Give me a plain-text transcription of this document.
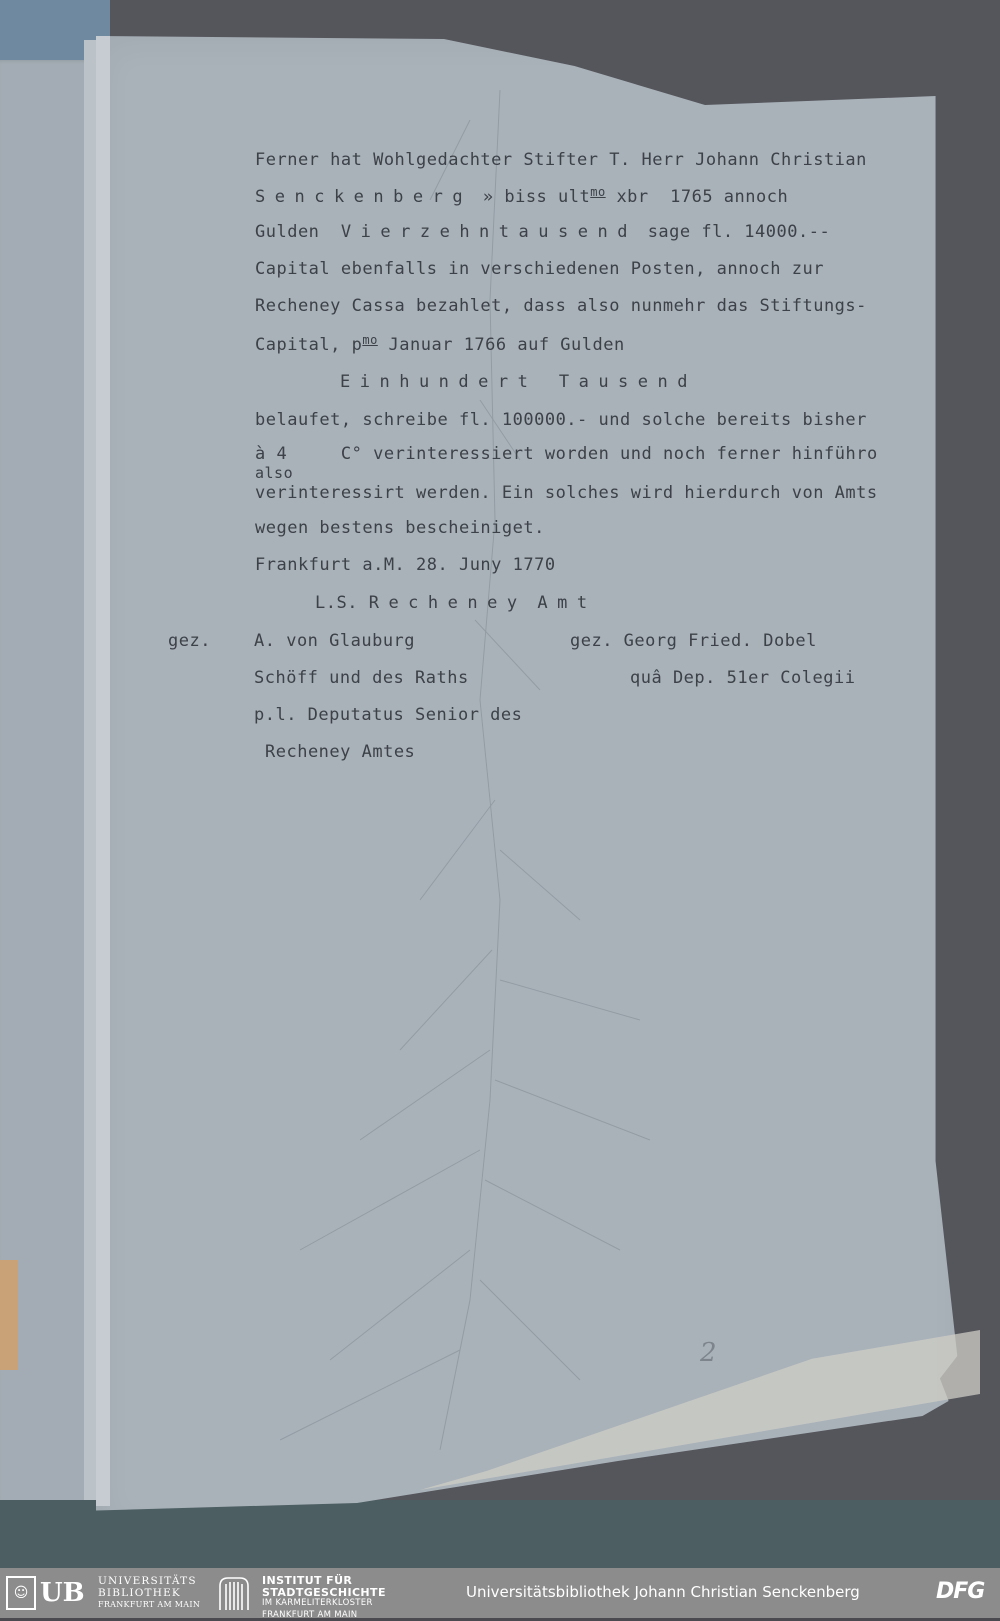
Ferner hat Wohlgedachter Stifter T. Herr Johann Christian
Senckenberg » biss ult$^{mo}$ xbr  1765 annoch
Gulden Vierzehntausend sage fl. 14000.--
Capital ebenfalls in verschiedenen Posten, annoch zur
Recheney Cassa bezahlet, dass also nunmehr das Stiftungs-
Capital, $p^{mo}$ Januar 1766 auf Gulden
Einhundert Tausend
belaufet, schreibe fl. 100000.- und solche bereits bisher
à 4	C° verinteressiert worden und noch ferner hinführo
also
verinteressirt werden. Ein solches wird hierdurch von Amts
wegen bestens bescheiniget.
Frankfurt a.M. 28. Juny 1770
L.S. Recheney Amt
gez.	A. von Glauburg	gez. Georg Fried. Dobel
Schöff und des Raths	quâ Dep. 51er Colegii
p.l. Deputatus Senior des
Recheney Amtes
2
☺ UB UNIVERSITÄTS
BIBLIOTHEK
FRANKFURT AM MAIN
INSTITUT FÜR
STADTGESCHICHTE
IM KARMELITERKLOSTER
FRANKFURT AM MAIN
Universitätsbibliothek Johann Christian Senckenberg	DFG
